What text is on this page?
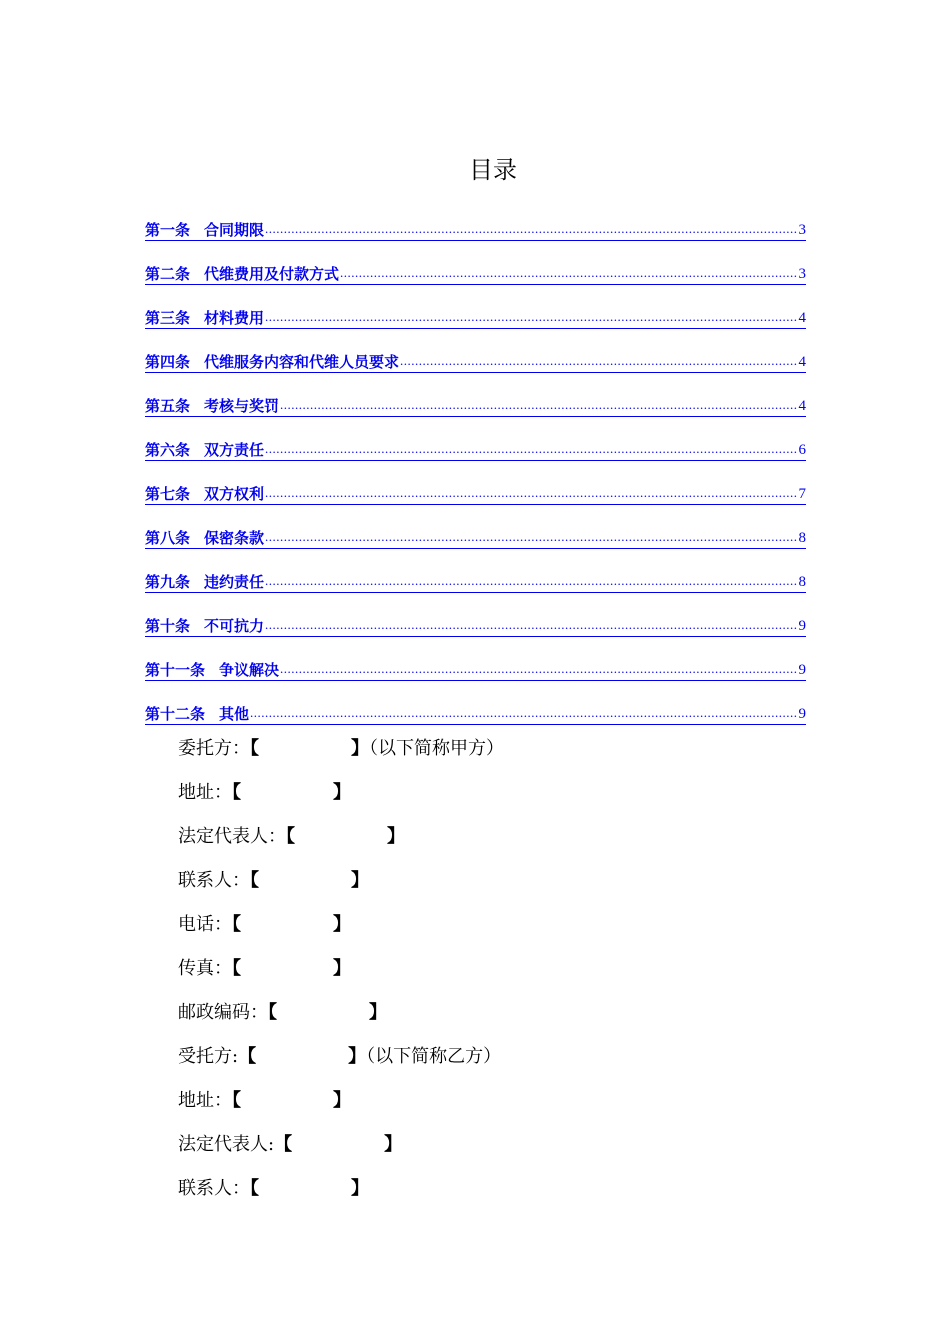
目录
第一条 合同期限 .....	3
第二条 代维费用及付款方式 .....	3
第三条 材料费用 .....	4
第四条 代维服务内容和代维人员要求 .....	4
第五条 考核与奖罚 .....	4
第六条 双方责任 .....	6
第七条 双方权利 .....	7
第八条 保密条款 .....	8
第九条 违约责任 .....	8
第十条 不可抗力 .....	9
第十一条 争议解决 .....	9
第十二条 其他 .....	9
委托方：【	】（以下简称甲方）
地址：【	】
法定代表人：【	】
联系人：【	】
电话：【	】
传真：【	】
邮政编码：【	】
受托方:【	】（以下简称乙方）
地址：【	】
法定代表人:【	】
联系人：【	】
